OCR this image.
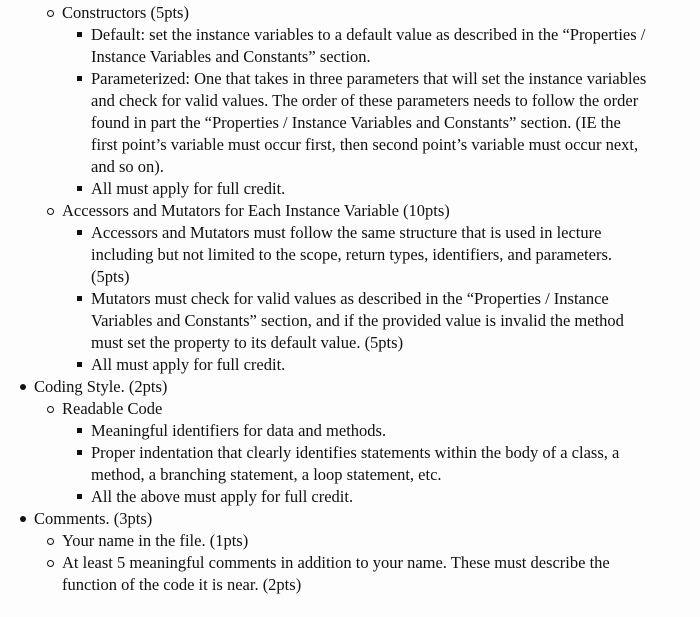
Constructors (5pts)
Default: set the instance variables to a default value as described in the “Properties /
Instance Variables and Constants” section.
Parameterized: One that takes in three parameters that will set the instance variables
and check for valid values. The order of these parameters needs to follow the order
found in part the “Properties / Instance Variables and Constants” section. (IE the
first point’s variable must occur first, then second point’s variable must occur next,
and so on).
All must apply for full credit.
Accessors and Mutators for Each Instance Variable (10pts)
Accessors and Mutators must follow the same structure that is used in lecture
including but not limited to the scope, return types, identifiers, and parameters.
(5pts)
Mutators must check for valid values as described in the “Properties / Instance
Variables and Constants” section, and if the provided value is invalid the method
must set the property to its default value. (5pts)
All must apply for full credit.
Coding Style. (2pts)
Readable Code
Meaningful identifiers for data and methods.
Proper indentation that clearly identifies statements within the body of a class, a
method, a branching statement, a loop statement, etc.
All the above must apply for full credit.
Comments. (3pts)
Your name in the file. (1pts)
At least 5 meaningful comments in addition to your name. These must describe the
function of the code it is near. (2pts)
